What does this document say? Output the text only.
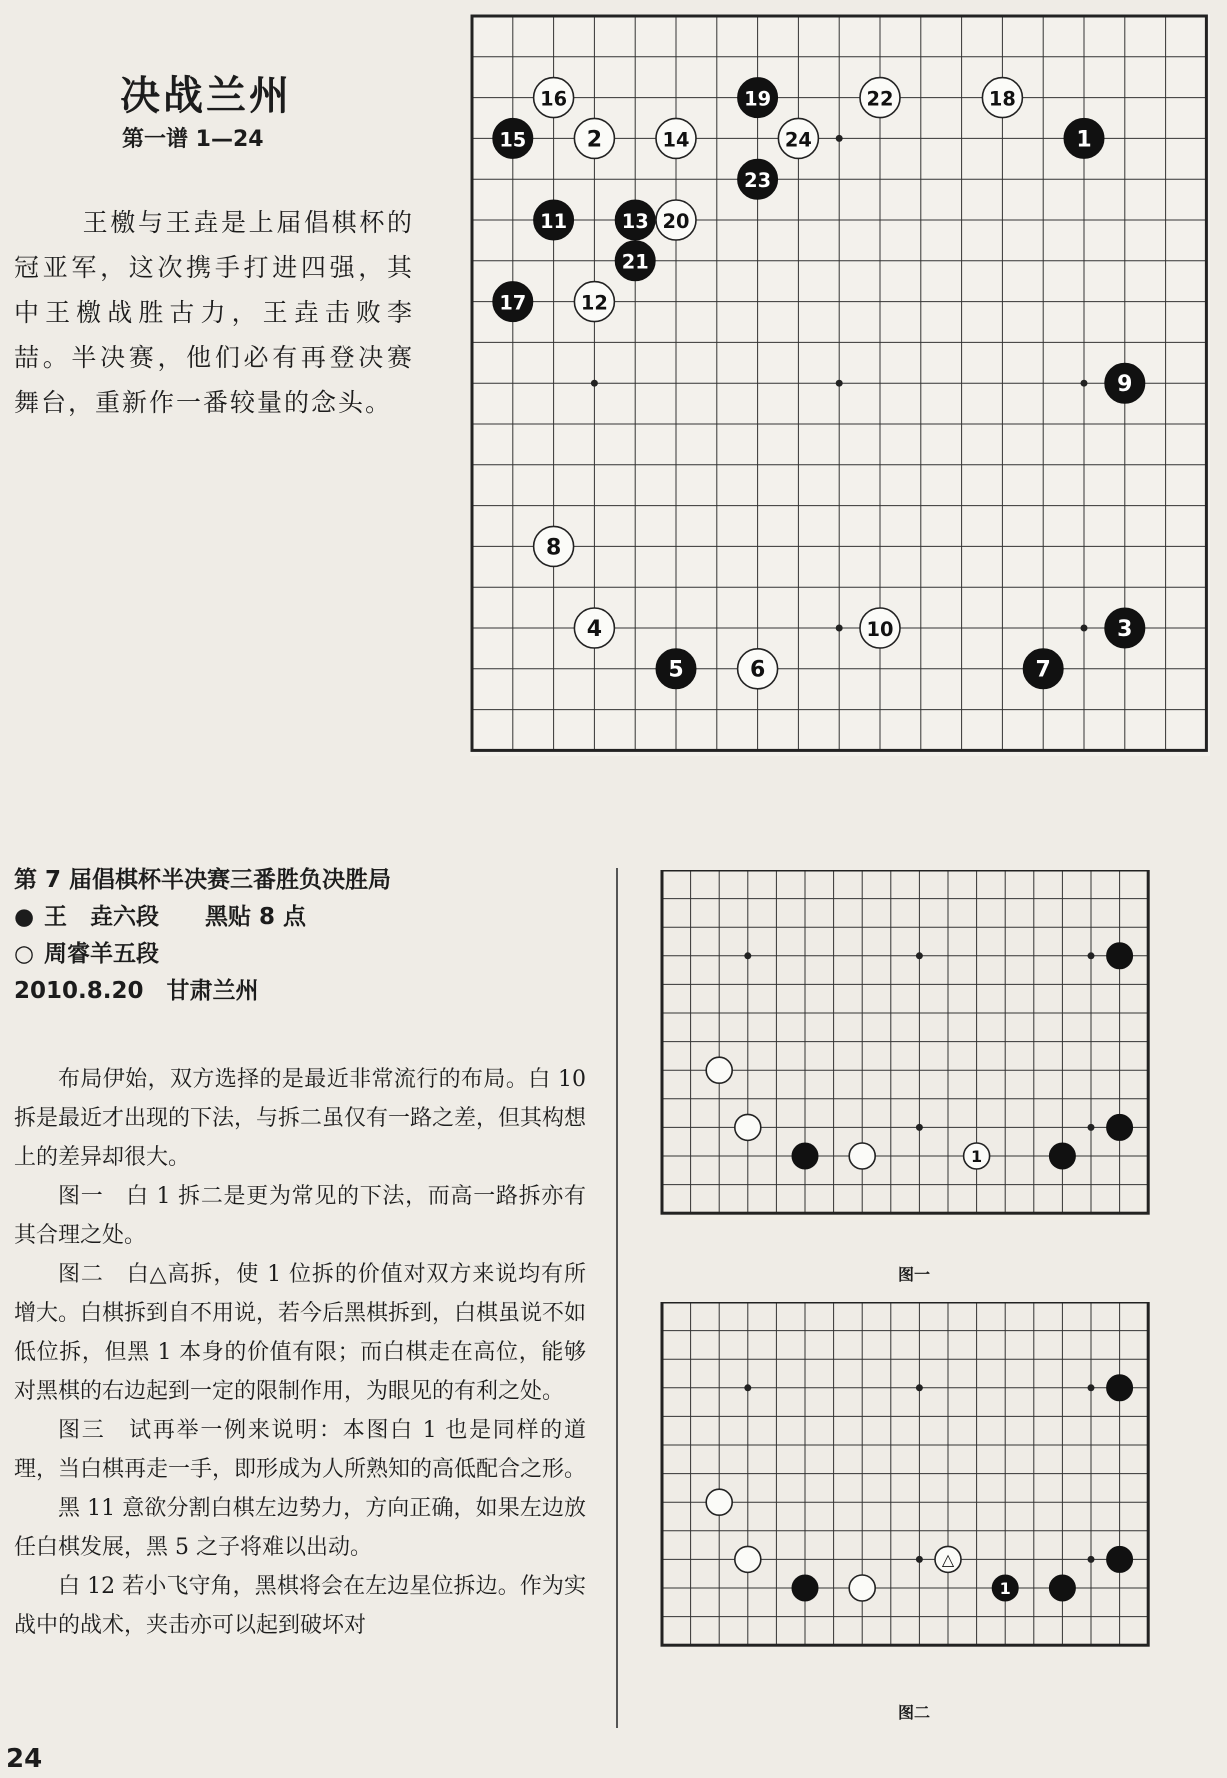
决战兰州
第一谱 1—24

王檄与王垚是上届倡棋杯的冠亚军，这次携手打进四强，其中王檄战胜古力，王垚击败李喆。半决赛，他们必有再登决赛舞台，重新作一番较量的念头。

1
2
3
4
5	6	7
8
9
10
11
12
13
14
15
16
17
18
19
20
21
22
23
24
第 7 届倡棋杯半决赛三番胜负决胜局
● 王　垚六段　　黑贴 8 点
○ 周睿羊五段
2010.8.20　甘肃兰州

布局伊始，双方选择的是最近非常流行的布局。白 10 拆是最近才出现的下法，与拆二虽仅有一路之差，但其构想上的差异却很大。

图一　白 1 拆二是更为常见的下法，而高一路拆亦有其合理之处。

图二　白△高拆，使 1 位拆的价值对双方来说均有所增大。白棋拆到自不用说，若今后黑棋拆到，白棋虽说不如低位拆，但黑 1 本身的价值有限；而白棋走在高位，能够对黑棋的右边起到一定的限制作用，为眼见的有利之处。

图三　试再举一例来说明：本图白 1 也是同样的道理，当白棋再走一手，即形成为人所熟知的高低配合之形。

黑 11 意欲分割白棋左边势力，方向正确，如果左边放任白棋发展，黑 5 之子将难以出动。

白 12 若小飞守角，黑棋将会在左边星位拆边。作为实战中的战术，夹击亦可以起到破坏对

1
图一
1
△
图二
24
